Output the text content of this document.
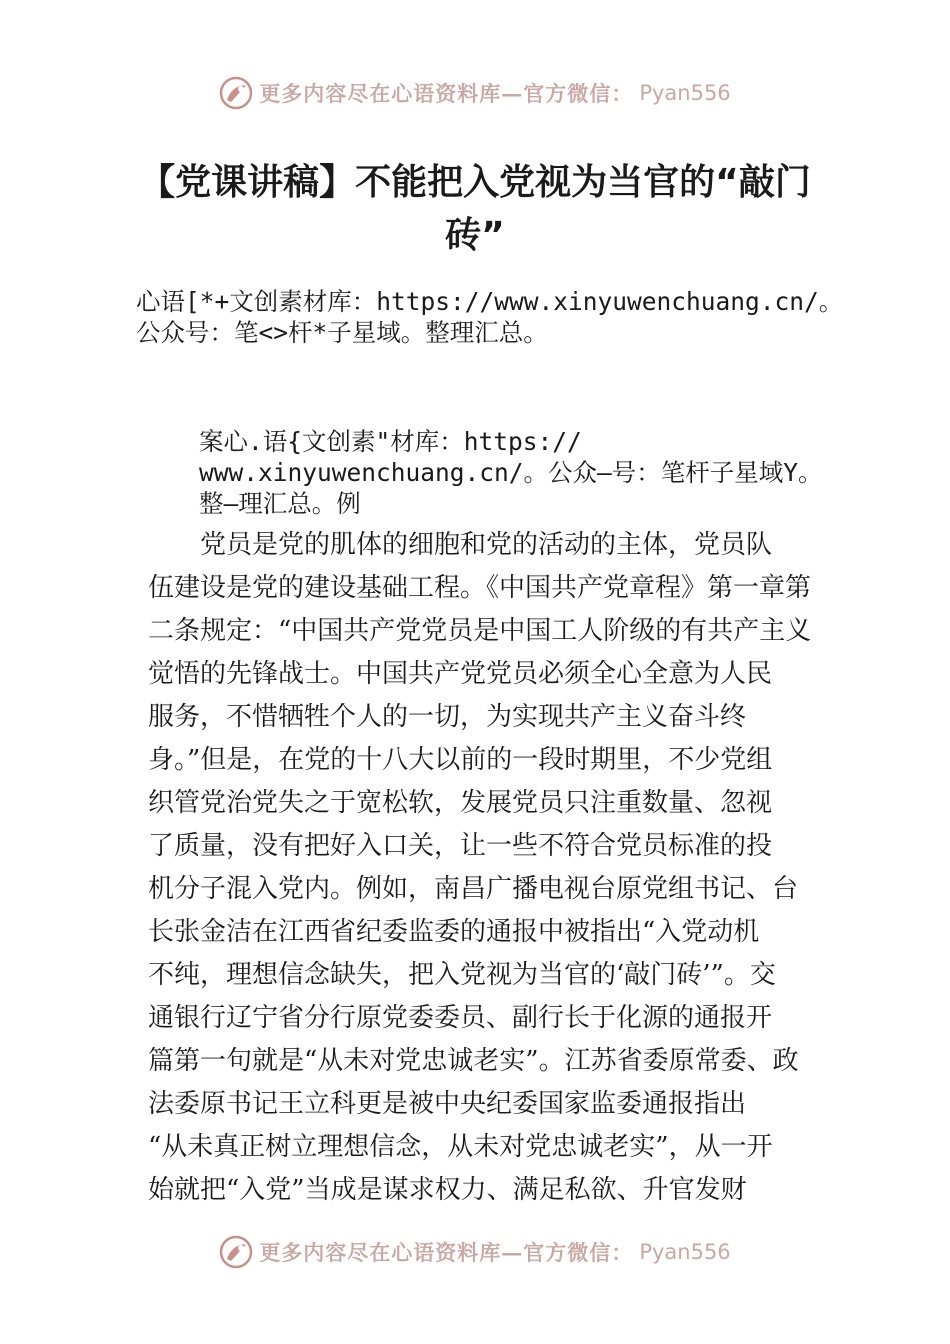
更多内容尽在心语资料库—官方微信： Pyan556
【党课讲稿】不能把入党视为当官的“敲门
砖”
心语[*+文创素材库：https://www.xinyuwenchuang.cn/。
公众号：笔<>杆*子星域。整理汇总。
案心.语{文创素"材库：https://
www.xinyuwenchuang.cn/。公众—号：笔杆子星域Y。
整—理汇总。例
　　党员是党的肌体的细胞和党的活动的主体，党员队
伍建设是党的建设基础工程。《中国共产党章程》第一章第
二条规定：“中国共产党党员是中国工人阶级的有共产主义
觉悟的先锋战士。中国共产党党员必须全心全意为人民
服务，不惜牺牲个人的一切，为实现共产主义奋斗终
身。”但是，在党的十八大以前的一段时期里，不少党组
织管党治党失之于宽松软，发展党员只注重数量、忽视
了质量，没有把好入口关，让一些不符合党员标准的投
机分子混入党内。例如，南昌广播电视台原党组书记、台
长张金洁在江西省纪委监委的通报中被指出“入党动机
不纯，理想信念缺失，把入党视为当官的‘敲门砖’”。交
通银行辽宁省分行原党委委员、副行长于化源的通报开
篇第一句就是“从未对党忠诚老实”。江苏省委原常委、政
法委原书记王立科更是被中央纪委国家监委通报指出
“从未真正树立理想信念，从未对党忠诚老实”，从一开
始就把“入党”当成是谋求权力、满足私欲、升官发财
更多内容尽在心语资料库—官方微信： Pyan556
